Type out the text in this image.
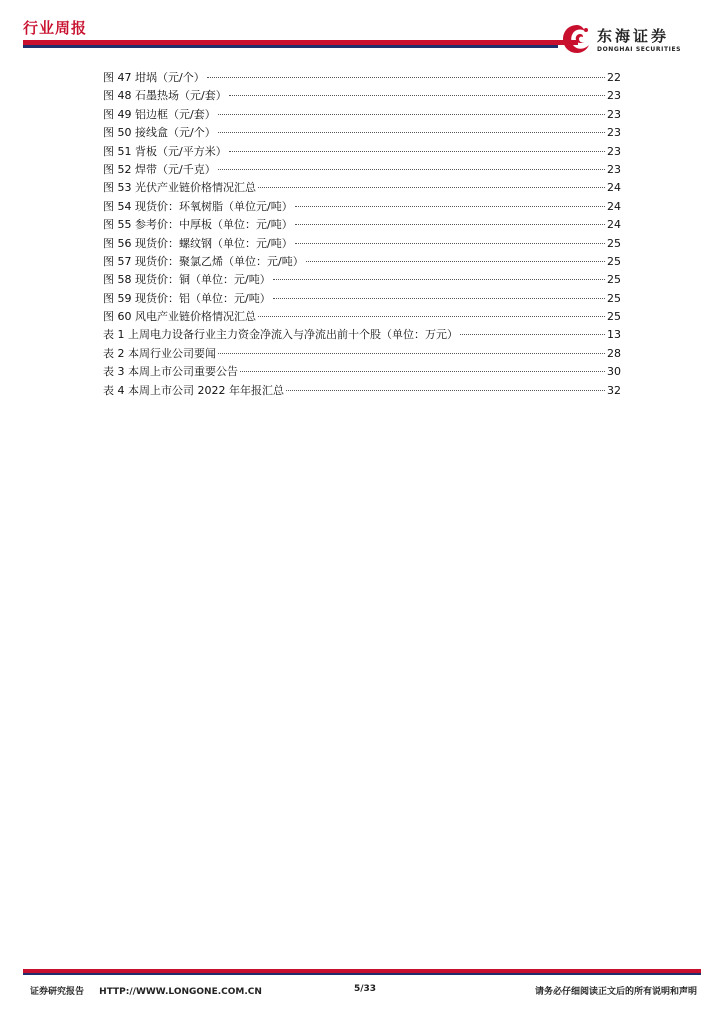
行业周报	东海证券
DONGHAI SECURITIES
图 47 坩埚（元/个）	22
图 48 石墨热场（元/套）	23
图 49 铝边框（元/套）	23
图 50 接线盒（元/个）	23
图 51 背板（元/平方米）	23
图 52 焊带（元/千克）	23
图 53 光伏产业链价格情况汇总	24
图 54 现货价：环氧树脂（单位元/吨）	24
图 55 参考价：中厚板（单位：元/吨）	24
图 56 现货价：螺纹钢（单位：元/吨）	25
图 57 现货价：聚氯乙烯（单位：元/吨）	25
图 58 现货价：铜（单位：元/吨）	25
图 59 现货价：铝（单位：元/吨）	25
图 60 风电产业链价格情况汇总	25
表 1 上周电力设备行业主力资金净流入与净流出前十个股（单位：万元）	13
表 2 本周行业公司要闻	28
表 3 本周上市公司重要公告	30
表 4 本周上市公司 2022 年年报汇总	32
证券研究报告 HTTP://WWW.LONGONE.COM.CN	5/33	请务必仔细阅读正文后的所有说明和声明
